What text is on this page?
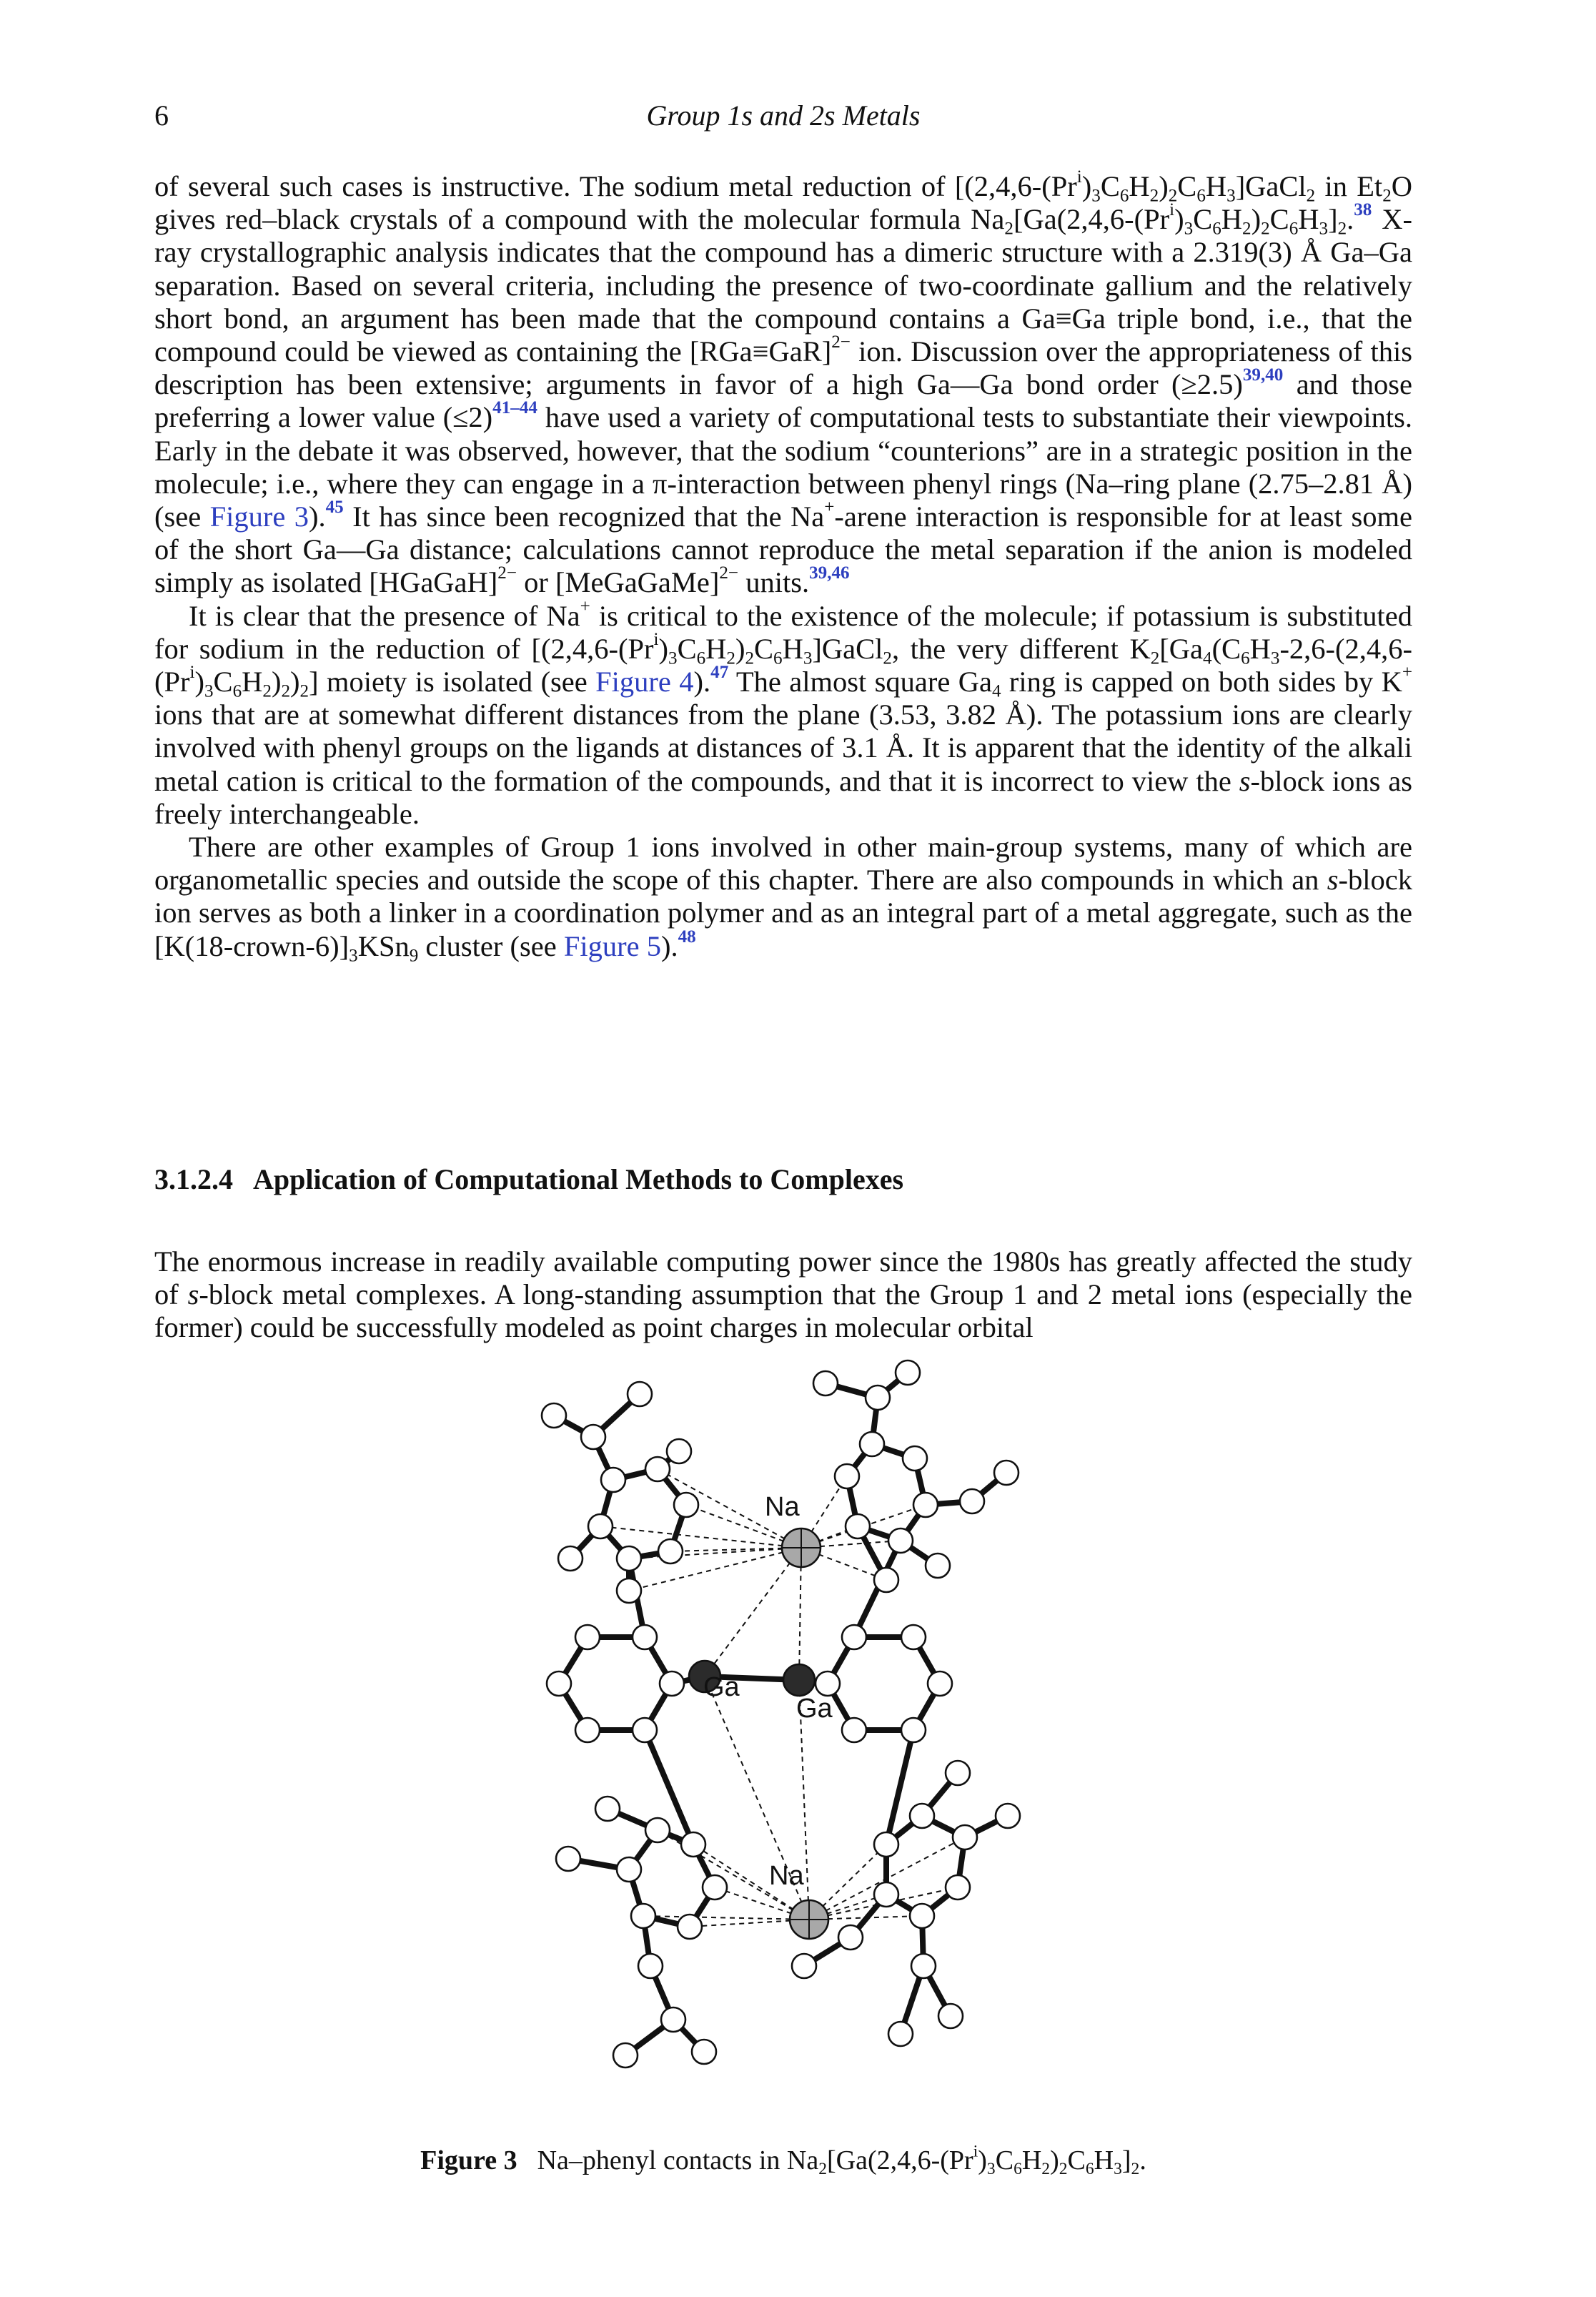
6	Group 1s and 2s Metals

of several such cases is instructive. The sodium metal reduction of $[(2,4,6-(Pr^i)_3C_6H_2)_2C_6H_3]GaCl_2$ in $Et_2O$ gives red–black crystals of a compound with the molecular formula $Na_2[Ga(2,4,6-(Pr^i)_3C_6H_2)_2C_6H_3]_2.^{38}$ X-ray crystallographic analysis indicates that the compound has a dimeric structure with a 2.319(3) Å Ga–Ga separation. Based on several criteria, including the presence of two-coordinate gallium and the relatively short bond, an argument has been made that the compound contains a Ga≡Ga triple bond, i.e., that the compound could be viewed as containing the $[RGa\equiv GaR]^{2-}$ ion. Discussion over the appropriateness of this description has been extensive; arguments in favor of a high Ga—Ga bond order (≥2.5)$^{39,40}$ and those preferring a lower value (≤2)$^{41-44}$ have used a variety of computational tests to substantiate their viewpoints. Early in the debate it was observed, however, that the sodium “counterions” are in a strategic position in the molecule; i.e., where they can engage in a π-interaction between phenyl rings (Na–ring plane (2.75–2.81 Å) (see Figure 3).$^{45}$ It has since been recognized that the Na+-arene interaction is responsible for at least some of the short Ga—Ga distance; calculations cannot reproduce the metal separation if the anion is modeled simply as isolated [HGaGaH]$^{2-}$ or [MeGaGaMe]$^{2-}$ units.$^{39,46}$

It is clear that the presence of Na+ is critical to the existence of the molecule; if potassium is substituted for sodium in the reduction of $[(2,4,6-(Pr^i)_3C_6H_2)_2C_6H_3]GaCl_2$, the very different $K_2[Ga_4(C_6H_3-2,6-(2,4,6-(Pr^i)_3C_6H_2)_2)_2]$ moiety is isolated (see Figure 4).$^{47}$ The almost square $Ga_4$ ring is capped on both sides by K+ ions that are at somewhat different distances from the plane (3.53, 3.82 Å). The potassium ions are clearly involved with phenyl groups on the ligands at distances of 3.1 Å. It is apparent that the identity of the alkali metal cation is critical to the formation of the compounds, and that it is incorrect to view the s-block ions as freely interchangeable.

There are other examples of Group 1 ions involved in other main-group systems, many of which are organometallic species and outside the scope of this chapter. There are also compounds in which an s-block ion serves as both a linker in a coordination polymer and as an integral part of a metal aggregate, such as the $[K(18-crown-6)]_3KSn_9$ cluster (see Figure 5).$^{48}$

3.1.2.4 Application of Computational Methods to Complexes

The enormous increase in readily available computing power since the 1980s has greatly affected the study of s-block metal complexes. A long-standing assumption that the Group 1 and 2 metal ions (especially the former) could be successfully modeled as point charges in molecular orbital

Na
Ga
Ga
Na
Figure 3 Na–phenyl contacts in $Na_2[Ga(2,4,6-(Pr^i)_3C_6H_2)_2C_6H_3]_2$.
